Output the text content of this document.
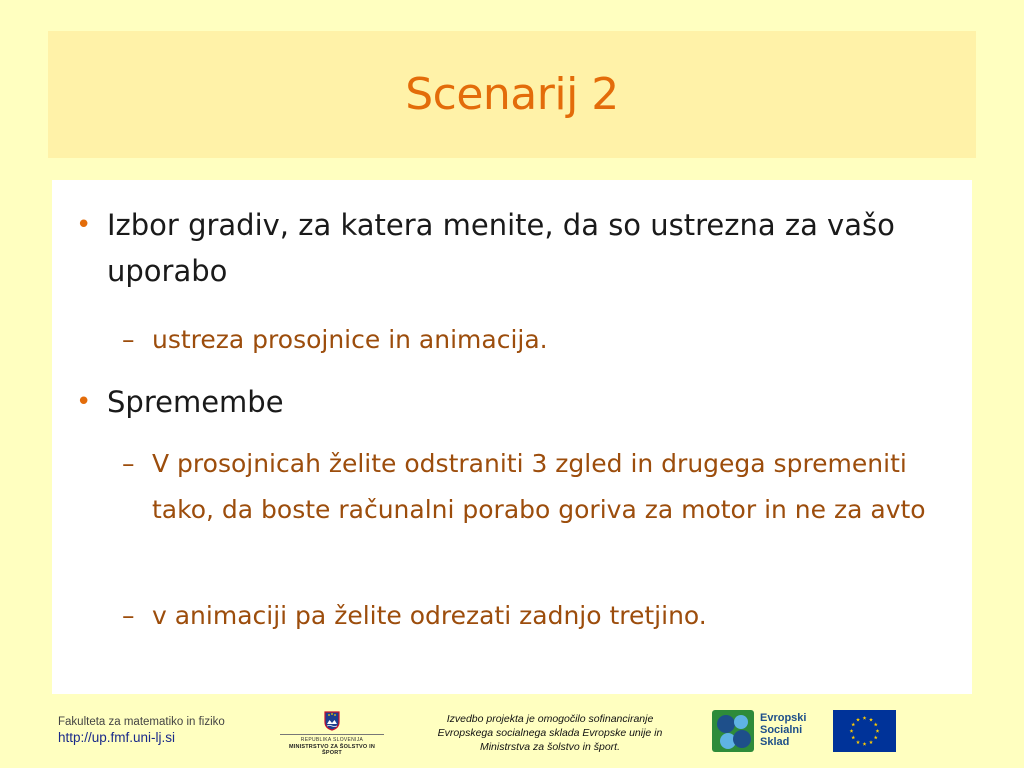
Scenarij 2
• Izbor gradiv, za katera menite, da so ustrezna za vašo uporabo
– ustreza prosojnice in animacija.
• Spremembe
– V prosojnicah želite odstraniti 3 zgled in drugega spremeniti tako, da boste računalni porabo goriva za motor in ne za avto
– v animaciji pa želite odrezati zadnjo tretjino.
Fakulteta za matematiko in fiziko
http://up.fmf.uni-lj.si	REPUBLIKA SLOVENIJA
MINISTRSTVO ZA ŠOLSTVO IN ŠPORT
Izvedbo projekta je omogočilo sofinanciranje
Evropskega socialnega sklada Evropske unije in
Ministrstva za šolstvo in šport.
Evropski
Socialni
Sklad
